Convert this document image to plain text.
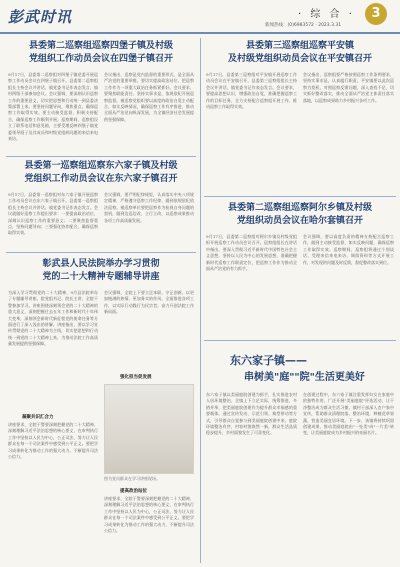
彭武时讯	· 综 合 ·	3
新闻热线：(0)6983572 · 2023.3.31
县委第二巡察组巡察四堡子镇及村级
党组织工作动员会议在四堡子镇召开
9月17日，县委第二巡察组对四堡子镇党委开展巡察工作动员会议在四堡子镇召开。县委第二巡察组组长主持会议并讲话，镇党委书记作表态发言，镇村两级干部参加会议。会议强调，要深刻认识巡察工作的重要意义，切实把思想和行动统一到县委决策部署上来。要坚持问题导向，聚焦重点，确保巡察工作取得实效。要主动接受监督，积极支持配合，确保巡察工作顺利开展。巡察期间，巡察组设立了联系电话和意见箱，主要受理反映四堡子镇党委领导班子及其成员和村级党组织问题的来信来电来访。
会议指出，巡察是党内监督的重要形式，是全面从严治党的重要举措。要切实提高政治站位，把巡察工作作为一项重大政治任务抓紧抓好。会议要求，要聚焦职能责任，坚持实事求是，依规依纪开展巡察监督。被巡察党组织要以高度的政治自觉主动配合，如实反映情况，确保巡察工作有序推进，推动全面从严治党向纵深发展，为全镇经济社会发展提供坚强保障。
县委第一巡察组巡察东六家子镇及村级
党组织工作动员会议在东六家子镇召开
9月17日，县委第一巡察组对东六家子镇开展巡察工作动员会议在东六家子镇召开。县委第一巡察组组长主持会议并讲话，镇党委书记作表态发言。会议就做好巡察工作提出要求：一要提高政治站位，深刻认识巡察工作的重要意义；二要聚焦监督重点，坚持问题导向；三要强化协作配合，确保巡察取得实效。
会议强调，要严明纪律规矩，认真落实中央八项规定精神，严格遵守巡察工作纪律，做到依规依纪依法巡察。被巡察单位要把巡察作为检视自身问题的契机，做到边巡边改、立行立改，以巡察成果推动各项工作高质量发展。
彰武县人民法院举办学习贯彻
党的二十大精神专题辅导讲座
为深入学习贯彻党的二十大精神，9月县法院举办了专题辅导讲座。院党组书记、院长主讲，全院干警参加学习。讲座围绕深刻领会党的二十大精神的重大意义，深刻把握过去五年工作和新时代十年伟大变革，深刻领会新时代新征程党的使命任务等方面进行了深入浅出的讲解。讲座指出，要以学习宣传贯彻党的二十大精神为主线，切实把思想和行动统一到党的二十大精神上来，为推动法院工作高质量发展提供坚强保障。
凝聚共识汇合力
讲座要求，全院干警要深刻把握党的二十大精神，深刻理解习近平法治思想的核心要义，在审判执行工作中坚持以人民为中心，公正司法，努力让人民群众在每一个司法案件中感受到公平正义。要把学习成果转化为推动工作的强大动力，不断提升司法公信力。
会议强调，全院上下要立足本职，守正创新，以更加饱满的热情、更加务实的作风，全面推进各项工作，以实际行动践行为民宗旨，奋力开创法院工作新局面。
强化担当促发展
图为党员群众在学习讲座现场。
提高政治站位
讲座要求，全院干警要深刻把握党的二十大精神，深刻理解习近平法治思想的核心要义，在审判执行工作中坚持以人民为中心，公正司法，努力让人民群众在每一个司法案件中感受到公平正义。要把学习成果转化为推动工作的强大动力，不断提升司法公信力。
县委第三巡察组巡察平安镇
及村级党组织动员会议在平安镇召开
9月17日，县委第三巡察组对平安镇开展巡察工作动员会议在平安镇召开。县委第三巡察组组长主持会议并讲话，镇党委书记作表态发言。会议要求，要提高思想认识，增强政治自觉，准确把握巡察工作的目标任务，全力支持配合巡察组开展工作，推动巡察工作取得实效。
会议指出，巡察组要严格按照巡察工作条例要求，坚持实事求是，认真履行职责。平安镇要以此次巡察为契机，对照巡察反馈问题，深入查找不足，切实抓好整改落实，推动全面从严治党主体责任落实落地，以巡察成果助力乡村振兴各项工作。
县委第二巡察组巡察阿尔乡镇及村级
党组织动员会议在哈尔套镇召开
9月17日，县委第二巡察组对阿尔乡镇及村级党组织开展巡察工作动员会议召开。巡察组组长在讲话中指出，要深入贯彻习近平新时代中国特色社会主义思想，坚持以人民为中心的发展思想，准确把握新时代巡察工作职责定位，把巡察工作作为推动全面从严治党的有力抓手。
会议强调，要以高度负责的精神支持配合巡察工作，做到主动接受监督，如实反映问题，确保巡察工作取得实效。巡察期间，巡察组将通过个别谈话、受理来信来电来访、调阅资料等方式开展工作，对发现的问题及时反馈，督促整改落实到位。
东六家子镇——
串树美"庭""院"生活更美好
东六家子镇以美丽庭院创建为抓手，扎实推进农村人居环境整治，全镇上下立足实际，统筹推进，多措并举，把美丽庭院创建作为提升群众幸福感的重要载体。通过宣传发动、示范引领、典型带动等方式，引导群众自觉参与到美丽庭院创建中来，庭院环境整洁有序，村容村貌焕然一新，群众生活品质稳步提升，乡村面貌发生了可喜变化。
在创建过程中，东六家子镇注重发挥妇女在家庭中的独特作用，广泛开展"美丽庭院"评选活动，让干净整洁成为群众生活习惯。镇村干部深入农户家中宣传，帮助群众清理院落、整治环境，种植花草果蔬，营造美丽宜居环境。下一步，该镇将持续巩固创建成果，推动美丽庭院由"一处美"向"一片美"转变，让美丽庭院成为乡村振兴的亮丽名片。
